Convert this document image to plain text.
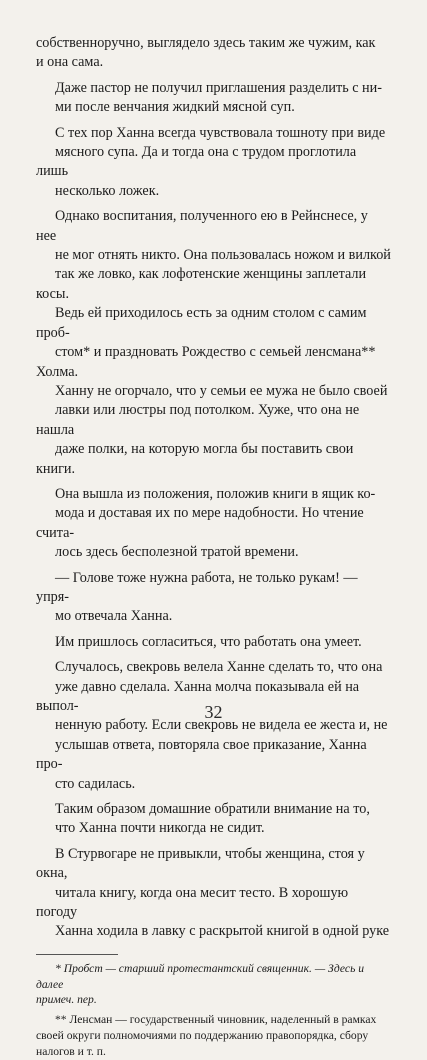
собственноручно, выглядело здесь таким же чужим, как
и она сама.

Даже пастор не получил приглашения разделить с ни-
ми после венчания жидкий мясной суп.

С тех пор Ханна всегда чувствовала тошноту при виде
мясного супа. Да и тогда она с трудом проглотила лишь
несколько ложек.

Однако воспитания, полученного ею в Рейнснесе, у нее
не мог отнять никто. Она пользовалась ножом и вилкой
так же ловко, как лофотенские женщины заплетали косы.
Ведь ей приходилось есть за одним столом с самим проб-
стом* и праздновать Рождество с семьей ленсмана** Холма.

Ханну не огорчало, что у семьи ее мужа не было своей
лавки или люстры под потолком. Хуже, что она не нашла
даже полки, на которую могла бы поставить свои книги.

Она вышла из положения, положив книги в ящик ко-
мода и доставая их по мере надобности. Но чтение счита-
лось здесь бесполезной тратой времени.

— Голове тоже нужна работа, не только рукам! — упря-
мо отвечала Ханна.

Им пришлось согласиться, что работать она умеет.

Случалось, свекровь велела Ханне сделать то, что она
уже давно сделала. Ханна молча показывала ей на выпол-
ненную работу. Если свекровь не видела ее жеста и, не
услышав ответа, повторяла свое приказание, Ханна про-
сто садилась.

Таким образом домашние обратили внимание на то,
что Ханна почти никогда не сидит.

В Стурвогаре не привыкли, чтобы женщина, стоя у окна,
читала книгу, когда она месит тесто. В хорошую погоду
Ханна ходила в лавку с раскрытой книгой в одной руке

* Пробст — старший протестантский священник. — Здесь и далее
примеч. пер.

** Ленсман — государственный чиновник, наделенный в рамках
своей округи полномочиями по поддержанию правопорядка, сбору
налогов и т. п.

32
